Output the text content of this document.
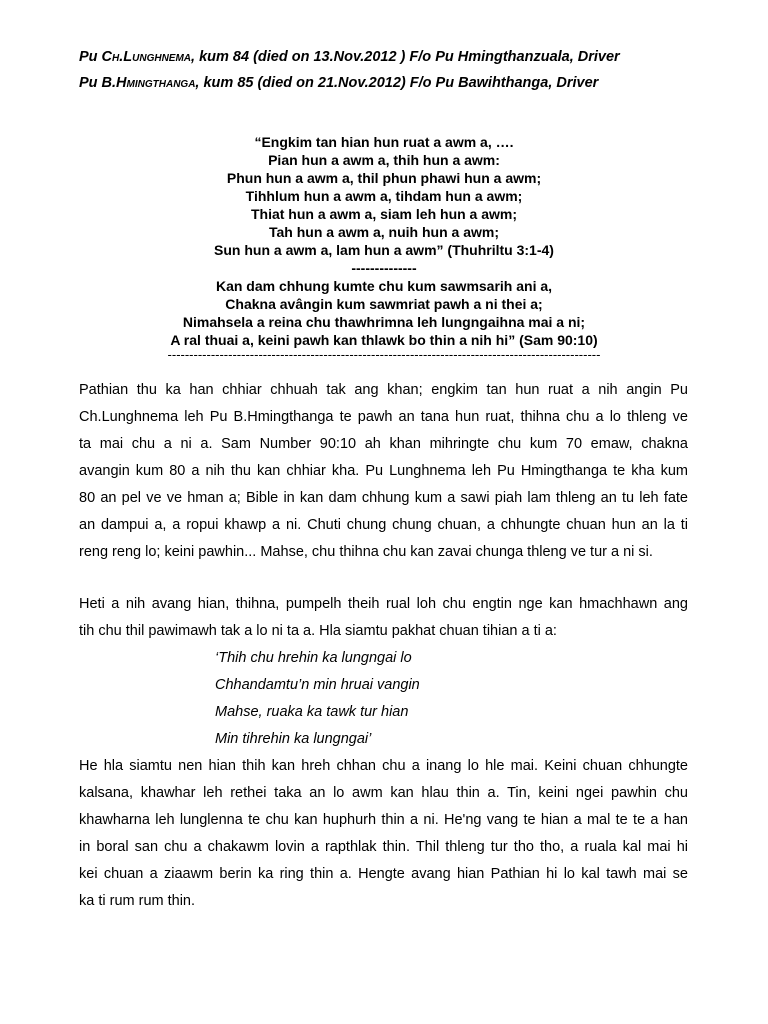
Pu Ch.Lunghnema, kum 84 (died on 13.Nov.2012 ) F/o Pu Hmingthanzuala, Driver
Pu B.Hmingthanga, kum 85 (died on 21.Nov.2012) F/o Pu Bawihthanga, Driver
“Engkim tan hian hun ruat a awm a, ….
Pian hun a awm a, thih hun a awm:
Phun hun a awm a, thil phun phawi hun a awm;
Tihhlum hun a awm a, tihdam hun a awm;
Thiat hun a awm a, siam leh hun a awm;
Tah hun a awm a, nuih hun a awm;
Sun hun a awm a, lam hun a awm” (Thuhriltu 3:1-4)
--------------
Kan dam chhung kumte chu kum sawmsarih ani a,
Chakna avângin kum sawmriat pawh a ni thei a;
Nimahsela a reina chu thawhrimna leh lungngaihna mai a ni;
A ral thuai a, keini pawh kan thlawk bo thin a nih hi” (Sam 90:10)
----------------------------------------------------------------------------------------------------
Pathian thu ka han chhiar chhuah tak ang khan; engkim tan hun ruat a nih angin Pu
Ch.Lunghnema leh Pu B.Hmingthanga te pawh an tana hun ruat, thihna chu a lo thleng ve
ta mai chu a ni a. Sam Number 90:10 ah khan mihringte chu kum 70 emaw, chakna
avangin kum 80 a nih thu kan chhiar kha. Pu Lunghnema leh Pu Hmingthanga te kha kum
80 an pel ve ve hman a; Bible in kan dam chhung kum a sawi piah lam thleng an tu leh fate
an dampui a, a ropui khawp a ni. Chuti chung chung chuan, a chhungte chuan hun an la ti
reng reng lo; keini pawhin... Mahse, chu thihna chu kan zavai chunga thleng ve tur a ni si.
Heti a nih avang hian, thihna, pumpelh theih rual loh chu engtin nge kan hmachhawn ang
tih chu thil pawimawh tak a lo ni ta a. Hla siamtu pakhat chuan tihian a ti a:
‘Thih chu hrehin ka lungngai lo
Chhandamtu’n min hruai vangin
Mahse, ruaka ka tawk tur hian
Min tihrehin ka lungngai’
He hla siamtu nen hian thih kan hreh chhan chu a inang lo hle mai. Keini chuan chhungte
kalsana, khawhar leh rethei taka an lo awm kan hlau thin a. Tin, keini ngei pawhin chu
khawharna leh lunglenna te chu kan huphurh thin a ni. He'ng vang te hian a mal te te a han
in boral san chu a chakawm lovin a rapthlak thin. Thil thleng tur tho tho, a ruala kal mai hi
kei chuan a ziaawm berin ka ring thin a. Hengte avang hian Pathian hi lo kal tawh mai se
ka ti rum rum thin.
